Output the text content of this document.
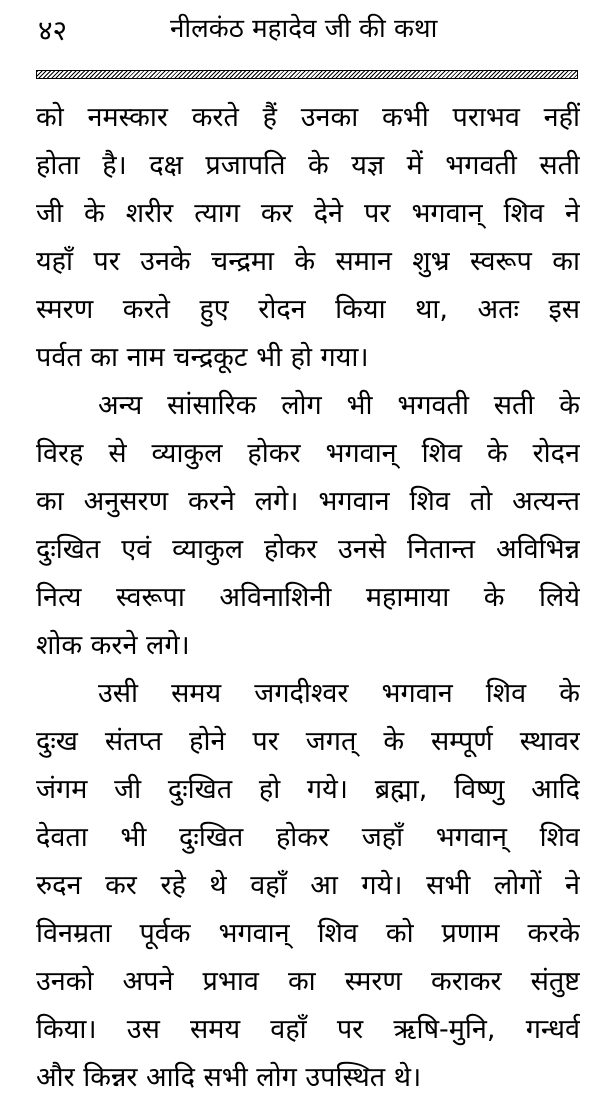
४२	नीलकंठ महादेव जी की कथा
को नमस्कार करते हैं उनका कभी पराभव नहीं
होता है। दक्ष प्रजापति के यज्ञ में भगवती सती
जी के शरीर त्याग कर देने पर भगवान् शिव ने
यहाँ पर उनके चन्द्रमा के समान शुभ्र स्वरूप का
स्मरण करते हुए रोदन किया था, अतः इस
पर्वत का नाम चन्द्रकूट भी हो गया।
अन्य सांसारिक लोग भी भगवती सती के
विरह से व्याकुल होकर भगवान् शिव के रोदन
का अनुसरण करने लगे। भगवान शिव तो अत्यन्त
दुःखित एवं व्याकुल होकर उनसे नितान्त अविभिन्न
नित्य स्वरूपा अविनाशिनी महामाया के लिये
शोक करने लगे।
उसी समय जगदीश्वर भगवान शिव के
दुःख संतप्त होने पर जगत् के सम्पूर्ण स्थावर
जंगम जी दुःखित हो गये। ब्रह्मा, विष्णु आदि
देवता भी दुःखित होकर जहाँ भगवान् शिव
रुदन कर रहे थे वहाँ आ गये। सभी लोगों ने
विनम्रता पूर्वक भगवान् शिव को प्रणाम करके
उनको अपने प्रभाव का स्मरण कराकर संतुष्ट
किया। उस समय वहाँ पर ऋषि-मुनि, गन्धर्व
और किन्नर आदि सभी लोग उपस्थित थे।
